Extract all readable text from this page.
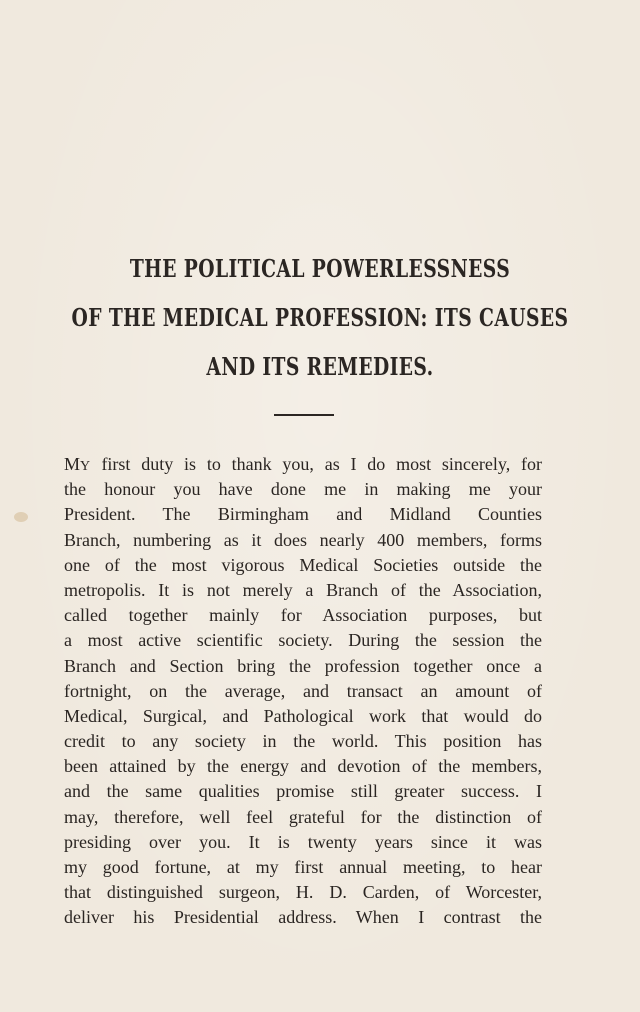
THE POLITICAL POWERLESSNESS
OF THE MEDICAL PROFESSION: ITS CAUSES
AND ITS REMEDIES.
MY first duty is to thank you, as I do most sincerely, for
the honour you have done me in making me your
President. The Birmingham and Midland Counties
Branch, numbering as it does nearly 400 members, forms
one of the most vigorous Medical Societies outside the
metropolis. It is not merely a Branch of the Association,
called together mainly for Association purposes, but
a most active scientific society. During the session the
Branch and Section bring the profession together once a
fortnight, on the average, and transact an amount of
Medical, Surgical, and Pathological work that would do
credit to any society in the world. This position has
been attained by the energy and devotion of the members,
and the same qualities promise still greater success. I
may, therefore, well feel grateful for the distinction of
presiding over you. It is twenty years since it was
my good fortune, at my first annual meeting, to hear
that distinguished surgeon, H. D. Carden, of Worcester,
deliver his Presidential address. When I contrast the
